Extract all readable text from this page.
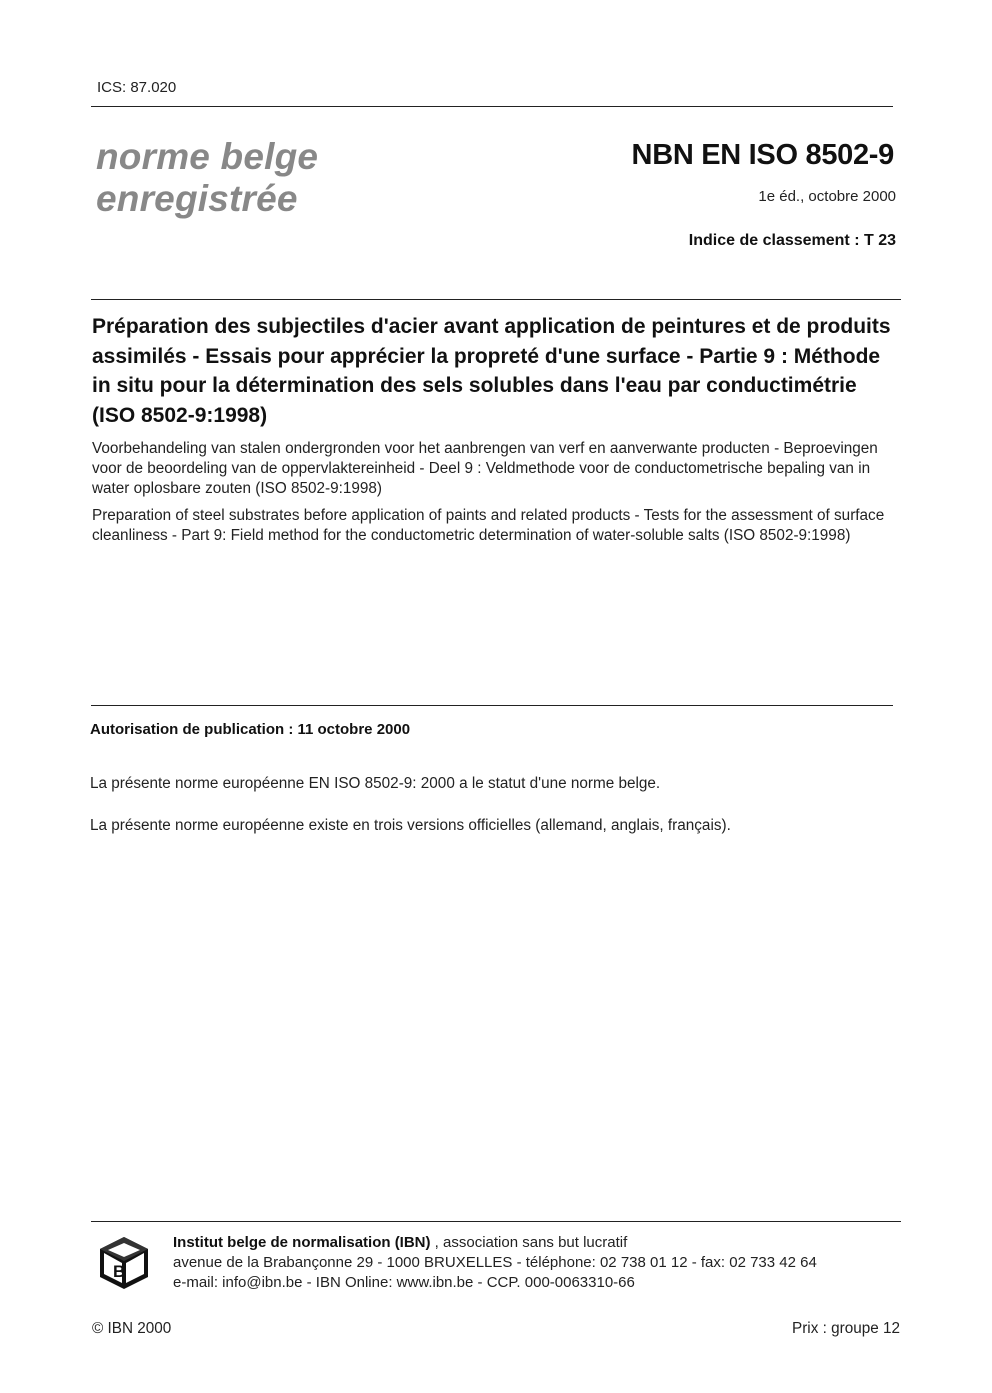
ICS: 87.020
norme belge
enregistrée
NBN EN ISO 8502-9
1e éd., octobre 2000
Indice de classement : T 23
Préparation des subjectiles d'acier avant application de peintures et de produits assimilés - Essais pour apprécier la propreté d'une surface - Partie 9 : Méthode in situ pour la détermination des sels solubles dans l'eau par conductimétrie (ISO 8502-9:1998)
Voorbehandeling van stalen ondergronden voor het aanbrengen van verf en aanverwante producten - Beproevingen voor de beoordeling van de oppervlaktereinheid - Deel 9 : Veldmethode voor de conductometrische bepaling van in water oplosbare zouten (ISO 8502-9:1998)
Preparation of steel substrates before application of paints and related products - Tests for the assessment of surface cleanliness - Part 9: Field method for the conductometric determination of water-soluble salts (ISO 8502-9:1998)
Autorisation de publication : 11 octobre 2000
La présente norme européenne EN ISO 8502-9: 2000 a le statut d'une norme belge.
La présente norme européenne existe en trois versions officielles (allemand, anglais, français).
B
Institut belge de normalisation (IBN) , association sans but lucratif
avenue de la Brabançonne 29 - 1000 BRUXELLES - téléphone: 02 738 01 12 - fax: 02 733 42 64
e-mail: info@ibn.be - IBN Online: www.ibn.be - CCP. 000-0063310-66
© IBN 2000	Prix : groupe 12
